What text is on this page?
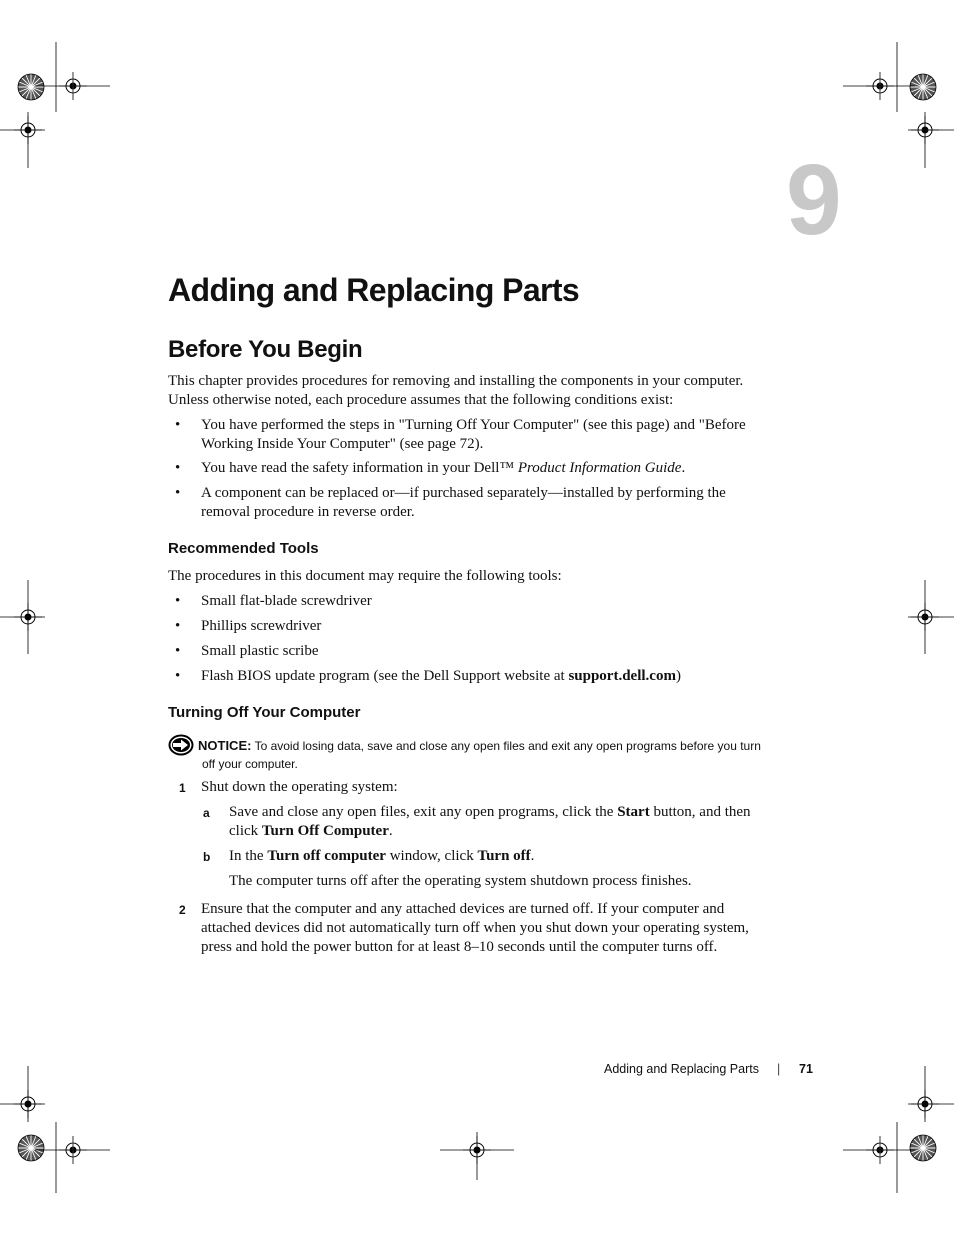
9
Adding and Replacing Parts
Before You Begin
This chapter provides procedures for removing and installing the components in your computer.
Unless otherwise noted, each procedure assumes that the following conditions exist:
• You have performed the steps in "Turning Off Your Computer" (see this page) and "Before
Working Inside Your Computer" (see page 72).
• You have read the safety information in your Dell™ Product Information Guide.
• A component can be replaced or—if purchased separately—installed by performing the
removal procedure in reverse order.
Recommended Tools
The procedures in this document may require the following tools:
• Small flat-blade screwdriver
• Phillips screwdriver
• Small plastic scribe
• Flash BIOS update program (see the Dell Support website at support.dell.com)
Turning Off Your Computer
NOTICE: To avoid losing data, save and close any open files and exit any open programs before you turn
off your computer.
1 Shut down the operating system:
a Save and close any open files, exit any open programs, click the Start button, and then
click Turn Off Computer.
b In the Turn off computer window, click Turn off.
The computer turns off after the operating system shutdown process finishes.
2 Ensure that the computer and any attached devices are turned off. If your computer and
attached devices did not automatically turn off when you shut down your operating system,
press and hold the power button for at least 8–10 seconds until the computer turns off.
Adding and Replacing Parts | 71
